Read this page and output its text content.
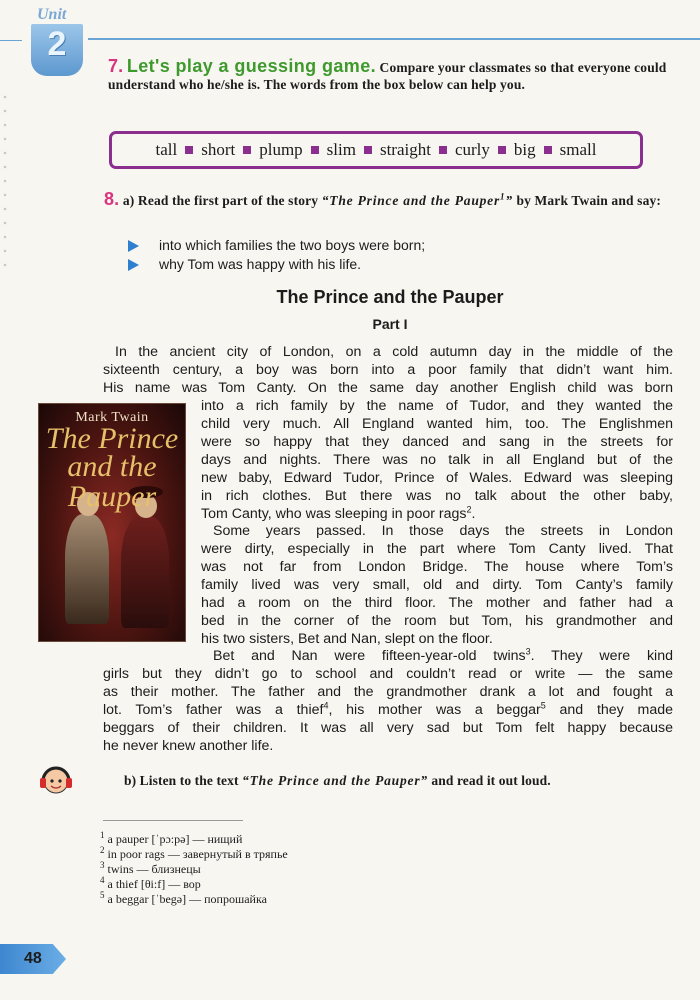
Unit
2
7. Let's play a guessing game. Compare your classmates so that everyone could understand who he/she is. The words from the box below can help you.
tall short plump slim straight curly big small
8. a) Read the first part of the story “The Prince and the Pauper$^1$” by Mark Twain and say:
into which families the two boys were born;
why Tom was happy with his life.
The Prince and the Pauper
Part I
In the ancient city of London, on a cold autumn day in the middle of the
sixteenth century, a boy was born into a poor family that didn’t want him.
His name was Tom Canty. On the same day another English child was born
into a rich family by the name of Tudor, and they wanted the
child very much. All England wanted him, too. The Englishmen
were so happy that they danced and sang in the streets for
days and nights. There was no talk in all England but of the
new baby, Edward Tudor, Prince of Wales. Edward was sleeping
in rich clothes. But there was no talk about the other baby,
Tom Canty, who was sleeping in poor rags$^2$.
Some years passed. In those days the streets in London
were dirty, especially in the part where Tom Canty lived. That
was not far from London Bridge. The house where Tom’s
family lived was very small, old and dirty. Tom Canty’s family
had a room on the third floor. The mother and father had a
bed in the corner of the room but Tom, his grandmother and
his two sisters, Bet and Nan, slept on the floor.
Bet and Nan were fifteen-year-old twins$^3$. They were kind
girls but they didn’t go to school and couldn’t read or write — the same
as their mother. The father and the grandmother drank a lot and fought a
lot. Tom’s father was a thief$^4$, his mother was a beggar$^5$ and they made
beggars of their children. It was all very sad but Tom felt happy because
he never knew another life.
Mark Twain
The Prince
and the Pauper
b) Listen to the text “The Prince and the Pauper” and read it out loud.
$^1$ a pauper [ˈpɔ:pə] — нищий
$^2$ in poor rags — завернутый в тряпье
$^3$ twins — близнецы
$^4$ a thief [θi:f] — вор
$^5$ a beggar [ˈbegə] — попрошайка
48
